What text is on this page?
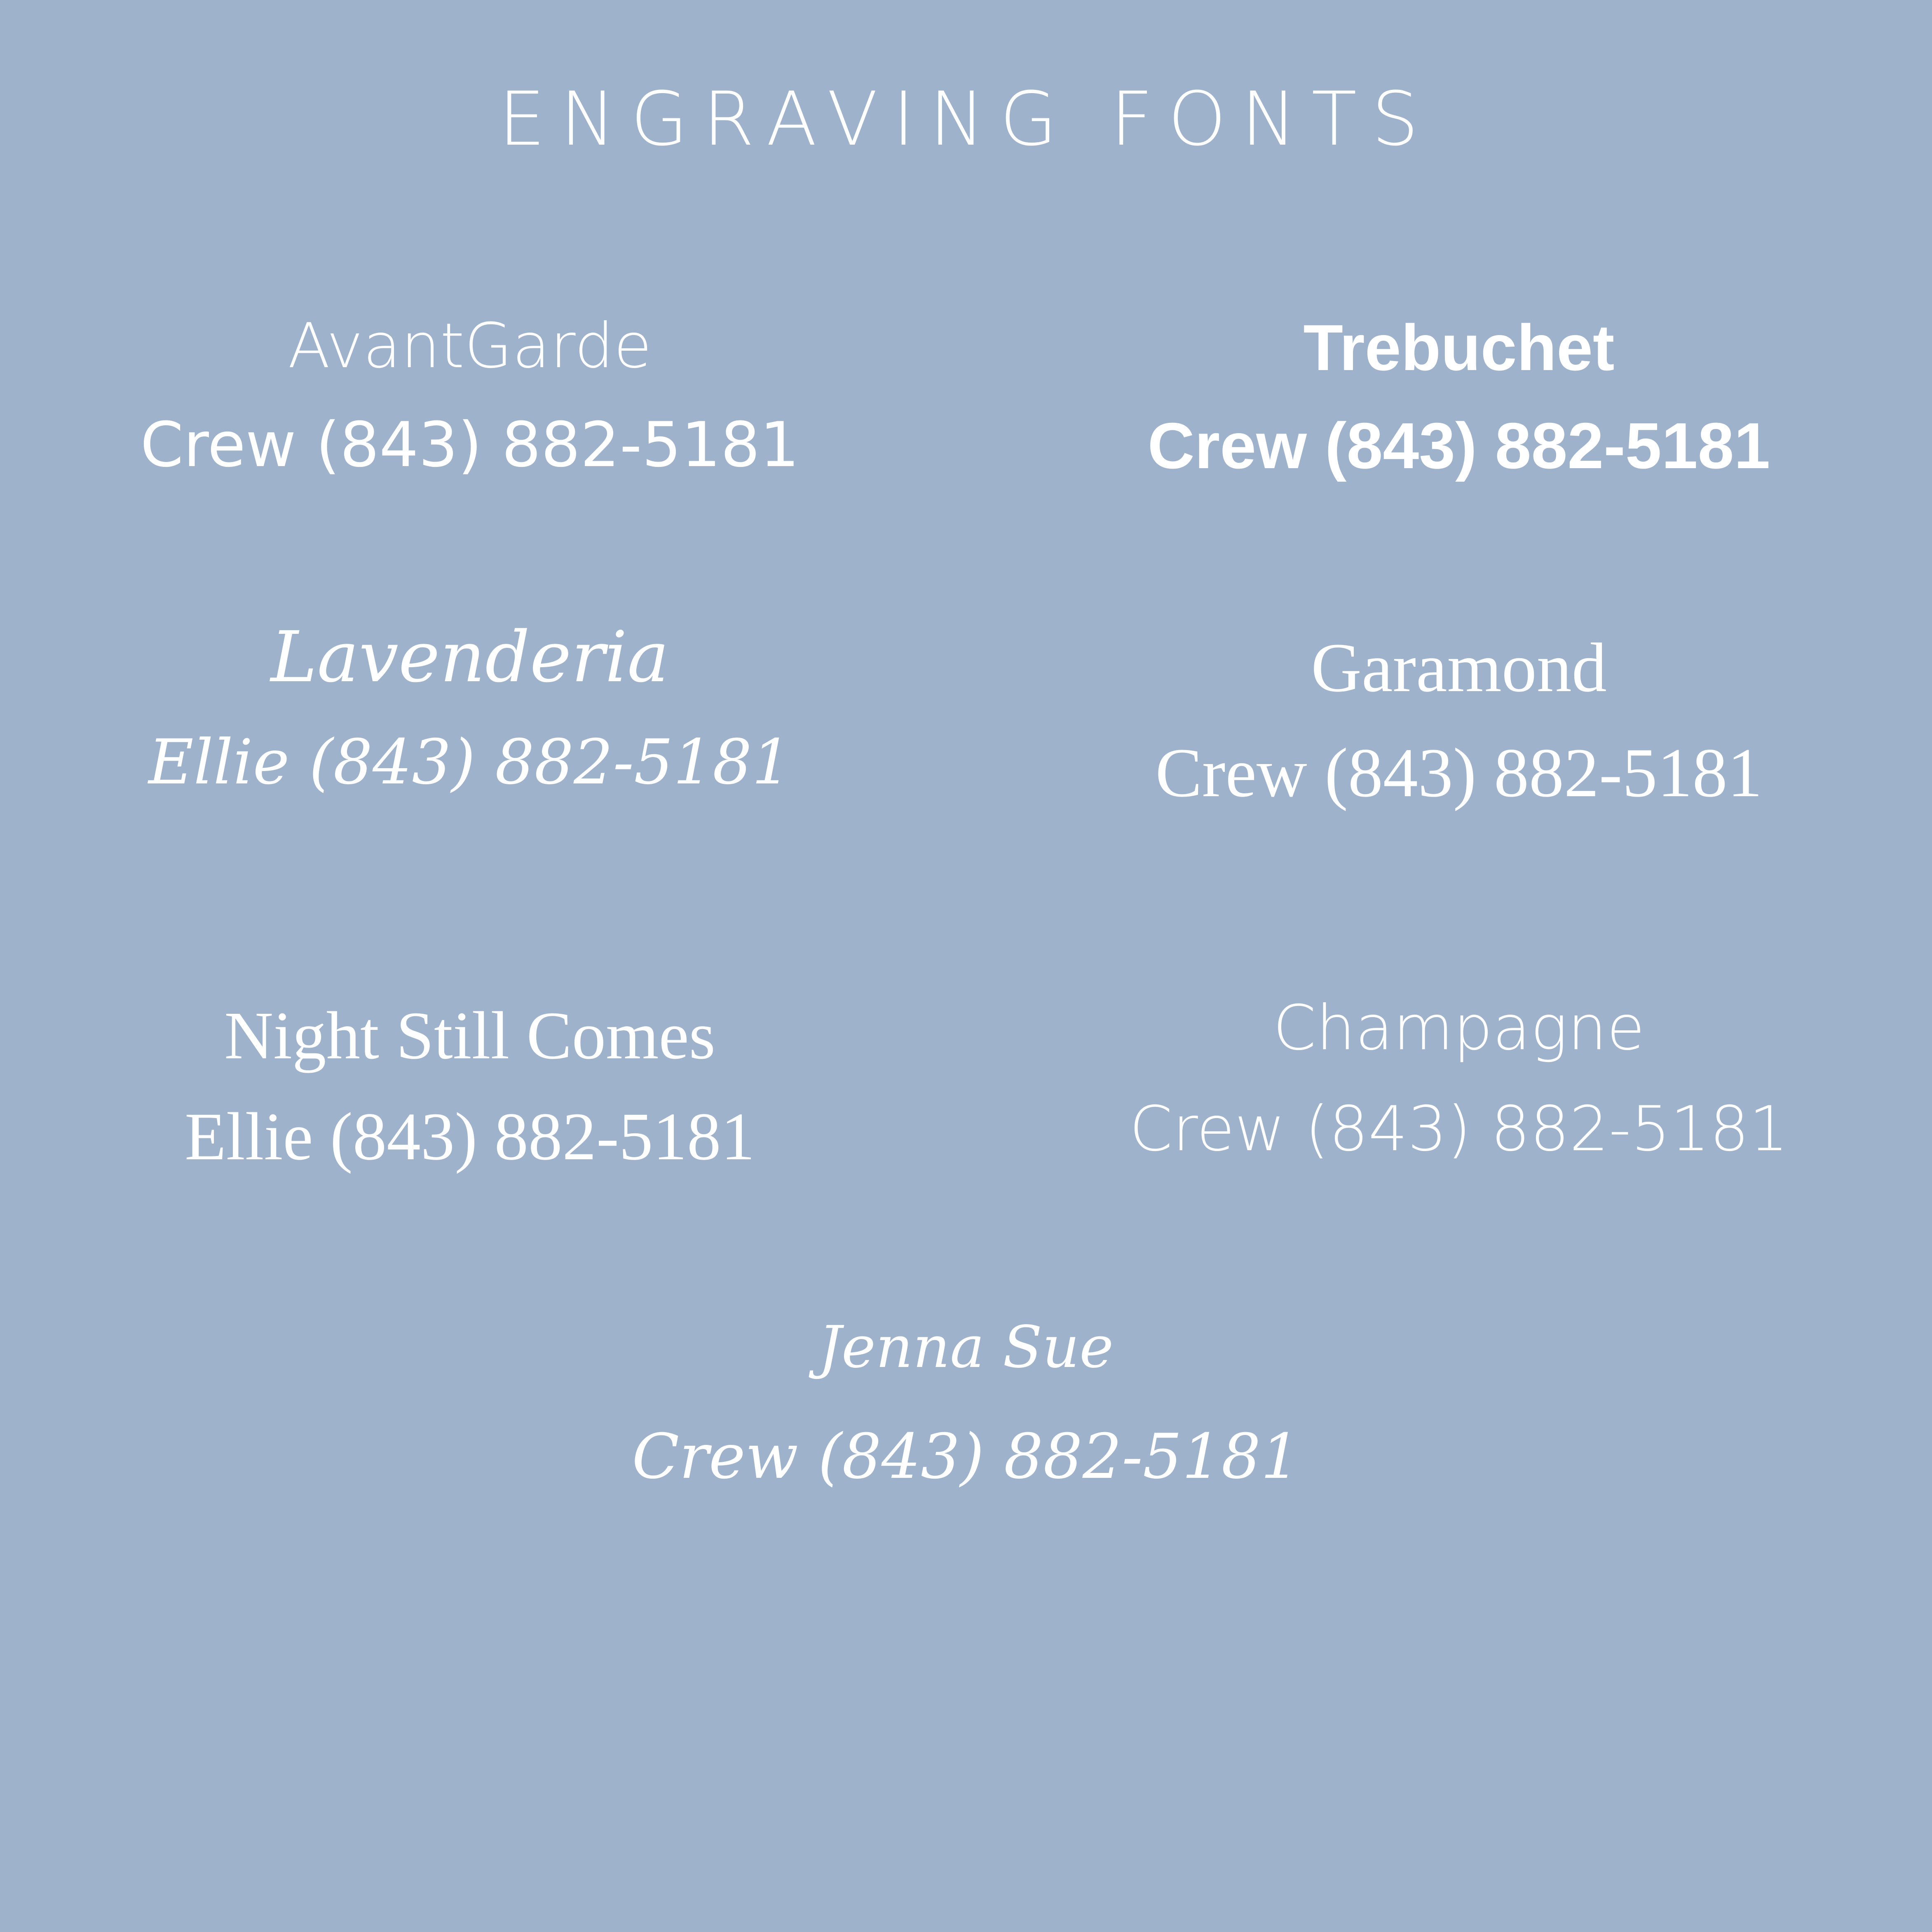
ENGRAVING FONTS
AvantGarde
Crew (843) 882-5181
Trebuchet
Crew (843) 882-5181
Lavenderia
Ellie (843) 882-5181
Garamond
Crew (843) 882-5181
Night Still Comes
Ellie (843) 882-5181
Champagne
Crew (843) 882-5181
Jenna Sue
Crew (843) 882-5181
